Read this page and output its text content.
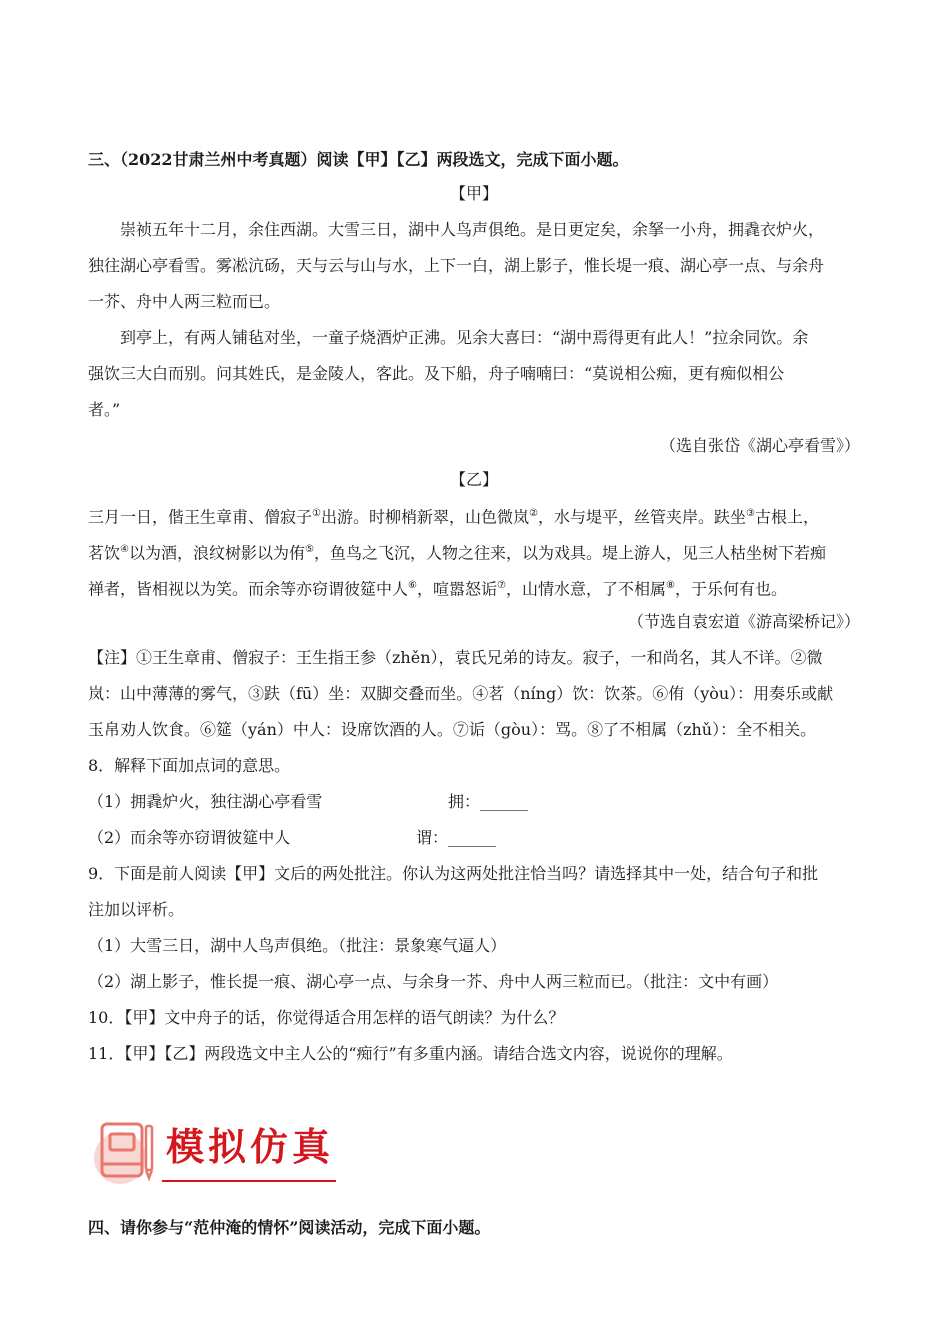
三、（2022甘肃兰州中考真题）阅读【甲】【乙】两段选文，完成下面小题。
【甲】
崇祯五年十二月，余住西湖。大雪三日，湖中人鸟声俱绝。是日更定矣，余拏一小舟，拥毳衣炉火，
独往湖心亭看雪。雾凇沆砀，天与云与山与水，上下一白，湖上影子，惟长堤一痕、湖心亭一点、与余舟
一芥、舟中人两三粒而已。
到亭上，有两人铺毡对坐，一童子烧酒炉正沸。见余大喜曰：“湖中焉得更有此人！”拉余同饮。余
强饮三大白而别。问其姓氏，是金陵人，客此。及下船，舟子喃喃曰：“莫说相公痴，更有痴似相公
者。”
（选自张岱《湖心亭看雪》）
【乙】
三月一日，偕王生章甫、僧寂子①出游。时柳梢新翠，山色微岚②，水与堤平，丝管夹岸。趺坐③古根上，
茗饮④以为酒，浪纹树影以为侑⑤，鱼鸟之飞沉，人物之往来，以为戏具。堤上游人，见三人枯坐树下若痴
禅者，皆相视以为笑。而余等亦窃谓彼筵中人⑥，喧嚣怒诟⑦，山情水意，了不相属⑧，于乐何有也。
（节选自袁宏道《游高梁桥记》）
【注】①王生章甫、僧寂子：王生指王参（zhěn），袁氏兄弟的诗友。寂子，一和尚名，其人不详。②微
岚：山中薄薄的雾气，③趺（fū）坐：双脚交叠而坐。④茗（níng）饮：饮茶。⑥侑（yòu）：用奏乐或献
玉帛劝人饮食。⑥筵（yán）中人：设席饮酒的人。⑦诟（gòu）：骂。⑧了不相属（zhǔ）：全不相关。
8．解释下面加点词的意思。
（1）拥毳炉火，独往湖心亭看雪	拥：______
（2）而余等亦窃谓彼筵中人	谓：______
9．下面是前人阅读【甲】文后的两处批注。你认为这两处批注恰当吗？请选择其中一处，结合句子和批
注加以评析。
（1）大雪三日，湖中人鸟声俱绝。（批注：景象寒气逼人）
（2）湖上影子，惟长提一痕、湖心亭一点、与余身一芥、舟中人两三粒而已。（批注：文中有画）
10．【甲】文中舟子的话，你觉得适合用怎样的语气朗读？为什么？
11．【甲】【乙】两段选文中主人公的“痴行”有多重内涵。请结合选文内容，说说你的理解。
模拟仿真
四、请你参与“范仲淹的情怀”阅读活动，完成下面小题。
